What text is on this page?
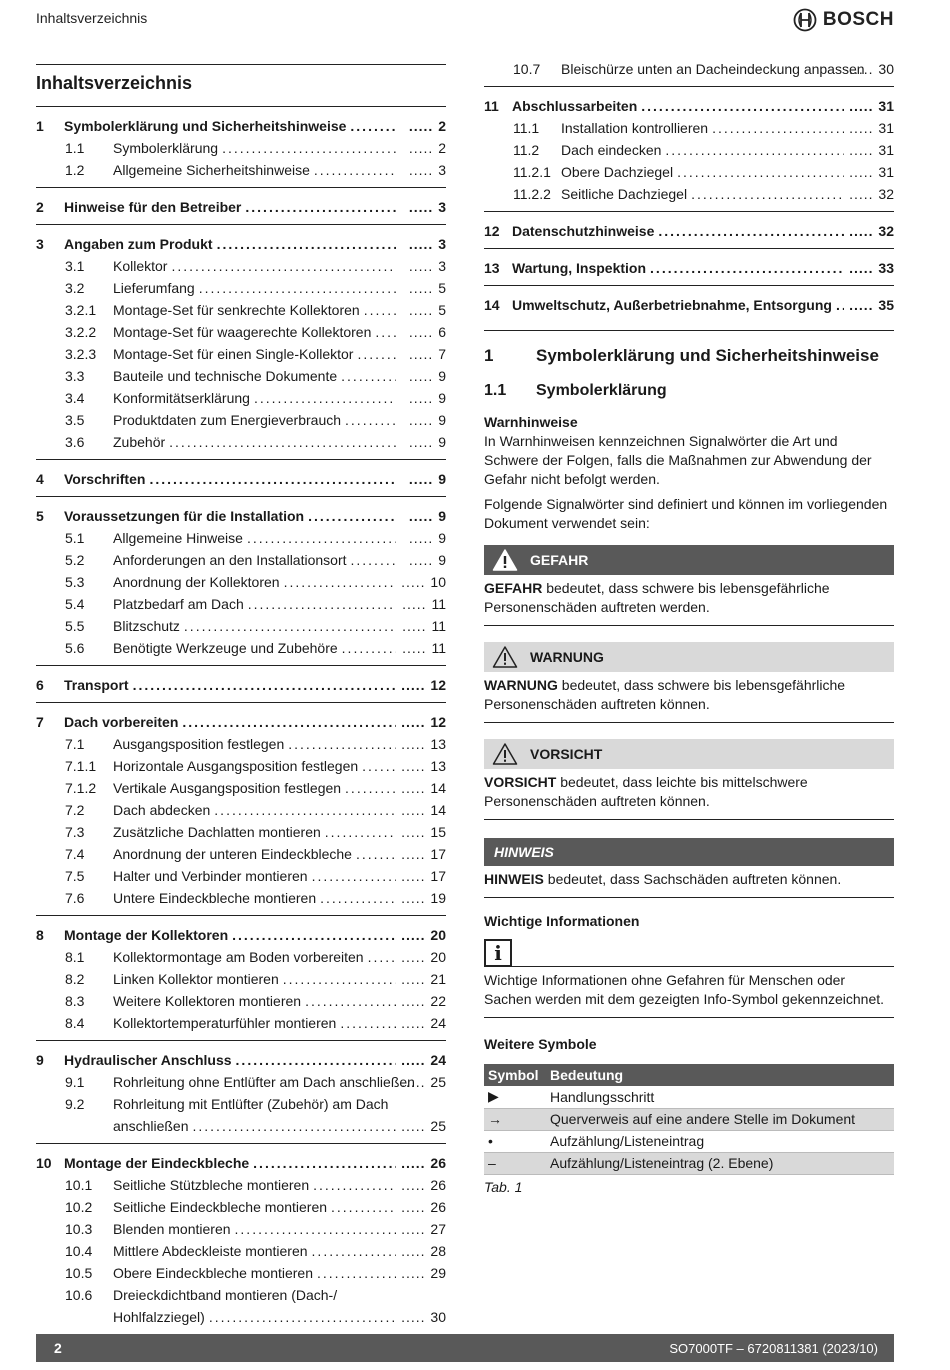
Inhaltsverzeichnis	BOSCH
Inhaltsverzeichnis
1	Symbolerklärung und Sicherheitshinweise .....	..... 2
1.1	Symbolerklärung .....	..... 2
1.2	Allgemeine Sicherheitshinweise .....	..... 3
2	Hinweise für den Betreiber .....	..... 3
3	Angaben zum Produkt .....	..... 3
3.1	Kollektor .....	..... 3
3.2	Lieferumfang .....	..... 5
3.2.1	Montage-Set für senkrechte Kollektoren .....	..... 5
3.2.2	Montage-Set für waagerechte Kollektoren .....	..... 6
3.2.3	Montage-Set für einen Single-Kollektor .....	..... 7
3.3	Bauteile und technische Dokumente .....	..... 9
3.4	Konformitätserklärung .....	..... 9
3.5	Produktdaten zum Energieverbrauch .....	..... 9
3.6	Zubehör .....	..... 9
4	Vorschriften .....	..... 9
5	Voraussetzungen für die Installation .....	..... 9
5.1	Allgemeine Hinweise .....	..... 9
5.2	Anforderungen an den Installationsort .....	..... 9
5.3	Anordnung der Kollektoren .....	..... 10
5.4	Platzbedarf am Dach .....	..... 11
5.5	Blitzschutz .....	..... 11
5.6	Benötigte Werkzeuge und Zubehöre .....	..... 11
6	Transport .....	..... 12
7	Dach vorbereiten .....	..... 12
7.1	Ausgangsposition festlegen .....	..... 13
7.1.1	Horizontale Ausgangsposition festlegen .....	..... 13
7.1.2	Vertikale Ausgangsposition festlegen .....	..... 14
7.2	Dach abdecken .....	..... 14
7.3	Zusätzliche Dachlatten montieren .....	..... 15
7.4	Anordnung der unteren Eindeckbleche .....	..... 17
7.5	Halter und Verbinder montieren .....	..... 17
7.6	Untere Eindeckbleche montieren .....	..... 19
8	Montage der Kollektoren .....	..... 20
8.1	Kollektormontage am Boden vorbereiten .....	..... 20
8.2	Linken Kollektor montieren .....	..... 21
8.3	Weitere Kollektoren montieren .....	..... 22
8.4	Kollektortemperaturfühler montieren .....	..... 24
9	Hydraulischer Anschluss .....	..... 24
9.1	Rohrleitung ohne Entlüfter am Dach anschließen	..... 25
9.2	Rohrleitung mit Entlüfter (Zubehör) am Dach
anschließen .....	..... 25
10 Montage der Eindeckbleche .....	..... 26
10.1	Seitliche Stützbleche montieren .....	..... 26
10.2	Seitliche Eindeckbleche montieren .....	..... 26
10.3	Blenden montieren .....	..... 27
10.4	Mittlere Abdeckleiste montieren .....	..... 28
10.5	Obere Eindeckbleche montieren .....	..... 29
10.6	Dreieckdichtband montieren (Dach-/
Hohlfalzziegel) .....	..... 30
10.7	Bleischürze unten an Dacheindeckung anpassen ..... 30
11 Abschlussarbeiten .....	..... 31
11.1	Installation kontrollieren .....	..... 31
11.2	Dach eindecken .....	..... 31
11.2.1 Obere Dachziegel .....	..... 31
11.2.2 Seitliche Dachziegel .....	..... 32
12 Datenschutzhinweise .....	..... 32
13 Wartung, Inspektion .....	..... 33
14 Umweltschutz, Außerbetriebnahme, Entsorgung .....	..... 35
1	Symbolerklärung und Sicherheitshinweise
1.1	Symbolerklärung
Warnhinweise
In Warnhinweisen kennzeichnen Signalwörter die Art und Schwere der Folgen, falls die Maßnahmen zur Abwendung der Gefahr nicht befolgt werden.
Folgende Signalwörter sind definiert und können im vorliegenden Dokument verwendet sein:
GEFAHR
GEFAHR bedeutet, dass schwere bis lebensgefährliche Personenschäden auftreten werden.
WARNUNG
WARNUNG bedeutet, dass schwere bis lebensgefährliche Personenschäden auftreten können.
VORSICHT
VORSICHT bedeutet, dass leichte bis mittelschwere Personenschäden auftreten können.
HINWEIS
HINWEIS bedeutet, dass Sachschäden auftreten können.
Wichtige Informationen
i
Wichtige Informationen ohne Gefahren für Menschen oder Sachen werden mit dem gezeigten Info-Symbol gekennzeichnet.
Weitere Symbole
Symbol	Bedeutung
▶	Handlungsschritt
→	Querverweis auf eine andere Stelle im Dokument
•	Aufzählung/Listeneintrag
–	Aufzählung/Listeneintrag (2. Ebene)
Tab. 1
2	SO7000TF – 6720811381 (2023/10)
